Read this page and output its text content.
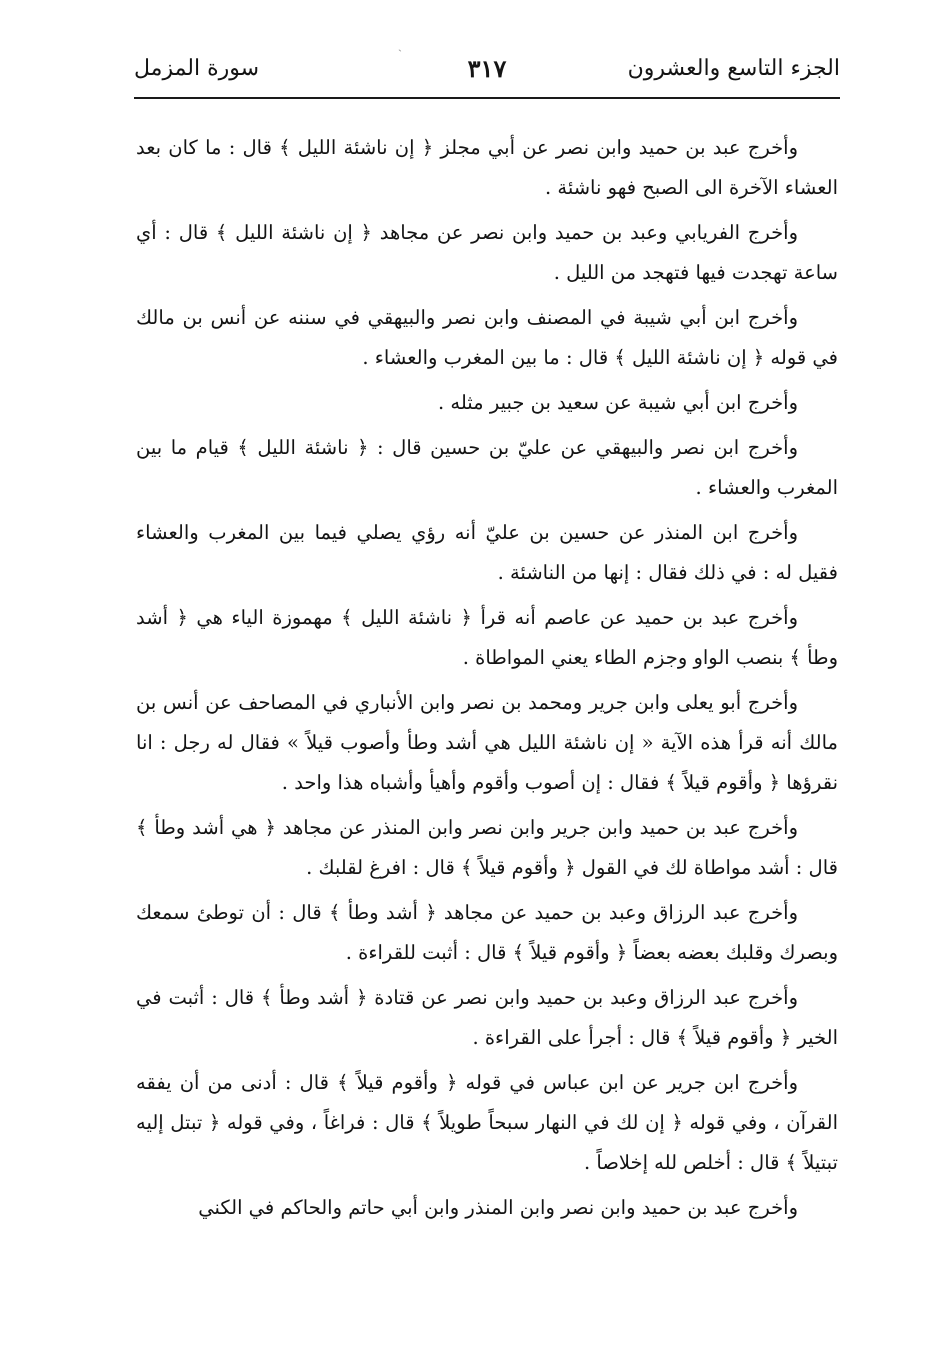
ˏ
الجزء التاسع والعشرون
٣١٧
سورة المزمل

وأخرج عبد بن حميد وابن نصر عن أبي مجلز ﴿ إن ناشئة الليل ﴾ قال : ما كان بعد العشاء الآخرة الى الصبح فهو ناشئة .

وأخرج الفريابي وعبد بن حميد وابن نصر عن مجاهد ﴿ إن ناشئة الليل ﴾ قال : أي ساعة تهجدت فيها فتهجد من الليل .

وأخرج ابن أبي شيبة في المصنف وابن نصر والبيهقي في سننه عن أنس بن مالك في قوله ﴿ إن ناشئة الليل ﴾ قال : ما بين المغرب والعشاء .

وأخرج ابن أبي شيبة عن سعيد بن جبير مثله .

وأخرج ابن نصر والبيهقي عن عليّ بن حسين قال : ﴿ ناشئة الليل ﴾ قيام ما بين المغرب والعشاء .

وأخرج ابن المنذر عن حسين بن عليّ أنه رؤي يصلي فيما بين المغرب والعشاء فقيل له : في ذلك فقال : إنها من الناشئة .

وأخرج عبد بن حميد عن عاصم أنه قرأ ﴿ ناشئة الليل ﴾ مهموزة الياء هي ﴿ أشد وطأ ﴾ بنصب الواو وجزم الطاء يعني المواطاة .

وأخرج أبو يعلى وابن جرير ومحمد بن نصر وابن الأنباري في المصاحف عن أنس بن مالك أنه قرأ هذه الآية « إن ناشئة الليل هي أشد وطأ وأصوب قيلاً » فقال له رجل : انا نقرؤها ﴿ وأقوم قيلاً ﴾ فقال : إن أصوب وأقوم وأهيأ وأشباه هذا واحد .

وأخرج عبد بن حميد وابن جرير وابن نصر وابن المنذر عن مجاهد ﴿ هي أشد وطأ ﴾ قال : أشد مواطاة لك في القول ﴿ وأقوم قيلاً ﴾ قال : افرغ لقلبك .

وأخرج عبد الرزاق وعبد بن حميد عن مجاهد ﴿ أشد وطأ ﴾ قال : أن توطئ سمعك وبصرك وقلبك بعضه بعضاً ﴿ وأقوم قيلاً ﴾ قال : أثبت للقراءة .

وأخرج عبد الرزاق وعبد بن حميد وابن نصر عن قتادة ﴿ أشد وطأ ﴾ قال : أثبت في الخير ﴿ وأقوم قيلاً ﴾ قال : أجرأ على القراءة .

وأخرج ابن جرير عن ابن عباس في قوله ﴿ وأقوم قيلاً ﴾ قال : أدنى من أن يفقه القرآن ، وفي قوله ﴿ إن لك في النهار سبحاً طويلاً ﴾ قال : فراغاً ، وفي قوله ﴿ تبتل إليه تبتيلاً ﴾ قال : أخلص لله إخلاصاً .

وأخرج عبد بن حميد وابن نصر وابن المنذر وابن أبي حاتم والحاكم في الكني
